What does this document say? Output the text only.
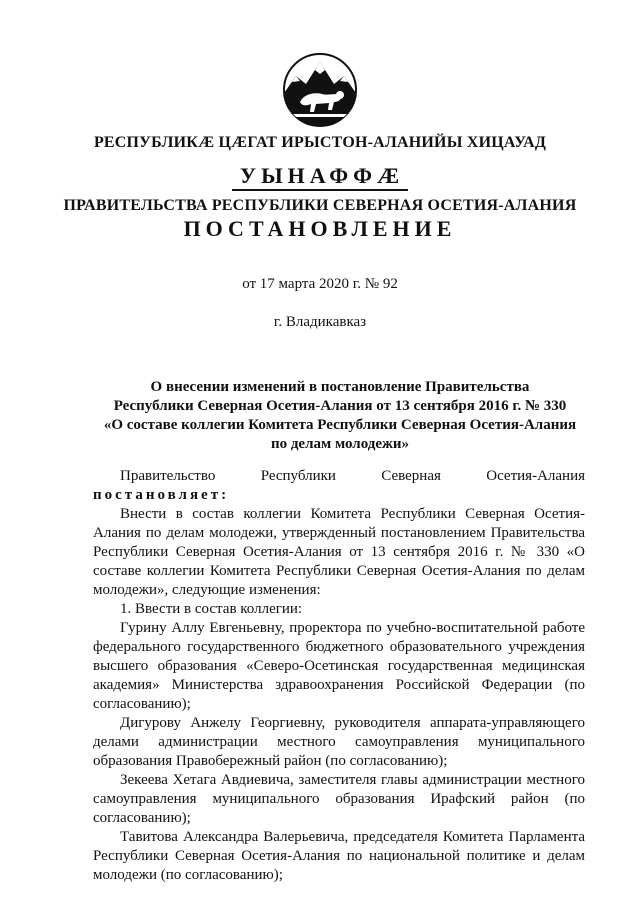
РЕСПУБЛИКӔ ЦӔГАТ ИРЫСТОН-АЛАНИЙЫ ХИЦАУАД
УЫНАФФӔ
ПРАВИТЕЛЬСТВА РЕСПУБЛИКИ СЕВЕРНАЯ ОСЕТИЯ-АЛАНИЯ
ПОСТАНОВЛЕНИЕ
от 17 марта 2020 г. № 92
г. Владикавказ
О внесении изменений в постановление Правительства
Республики Северная Осетия-Алания от 13 сентября 2016 г. № 330
«О составе коллегии Комитета Республики Северная Осетия-Алания
по делам молодежи»

Правительство Республики Северная Осетия-Алания постановляет:

Внести в состав коллегии Комитета Республики Северная Осетия-Алания по делам молодежи, утвержденный постановлением Правительства Республики Северная Осетия-Алания от 13 сентября 2016 г. № 330 «О составе коллегии Комитета Республики Северная Осетия-Алания по делам молодежи», следующие изменения:

1. Ввести в состав коллегии:

Гурину Аллу Евгеньевну, проректора по учебно-воспитательной работе федерального государственного бюджетного образовательного учреждения высшего образования «Северо-Осетинская государственная медицинская академия» Министерства здравоохранения Российской Федерации (по согласованию);

Дигурову Анжелу Георгиевну, руководителя аппарата-управляющего делами администрации местного самоуправления муниципального образования Правобережный район (по согласованию);

Зекеева Хетага Авдиевича, заместителя главы администрации местного самоуправления муниципального образования Ирафский район (по согласованию);

Тавитова Александра Валерьевича, председателя Комитета Парламента Республики Северная Осетия-Алания по национальной политике и делам молодежи (по согласованию);
